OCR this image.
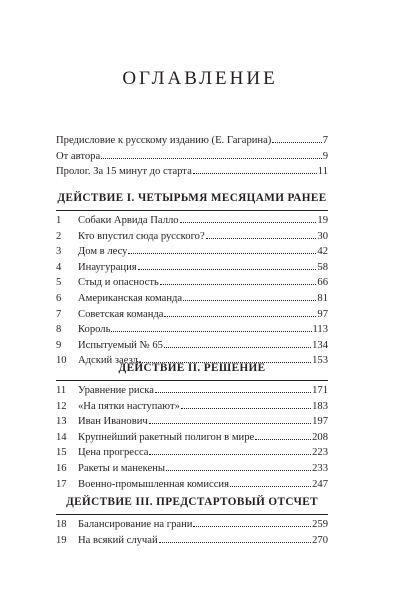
ОГЛАВЛЕНИЕ
Предисловие к русскому изданию (Е. Гагарина)	7
От автора	9
Пролог. За 15 минут до старта	11
ДЕЙСТВИЕ I. ЧЕТЫРЬМЯ МЕСЯЦАМИ РАНЕЕ
1	Собаки Арвида Палло	19
2	Кто впустил сюда русского?	30
3	Дом в лесу	42
4	Инаугурация	58
5	Стыд и опасность	66
6	Американская команда	81
7	Советская команда	97
8	Король	113
9	Испытуемый № 65	134
10	Адский заезд	153
ДЕЙСТВИЕ II. РЕШЕНИЕ
11	Уравнение риска	171
12	«На пятки наступают»	183
13	Иван Иванович	197
14	Крупнейший ракетный полигон в мире	208
15	Цена прогресса	223
16	Ракеты и манекены	233
17	Военно-промышленная комиссия	247
ДЕЙСТВИЕ III. ПРЕДСТАРТОВЫЙ ОТСЧЕТ
18	Балансирование на грани	259
19	На всякий случай	270
